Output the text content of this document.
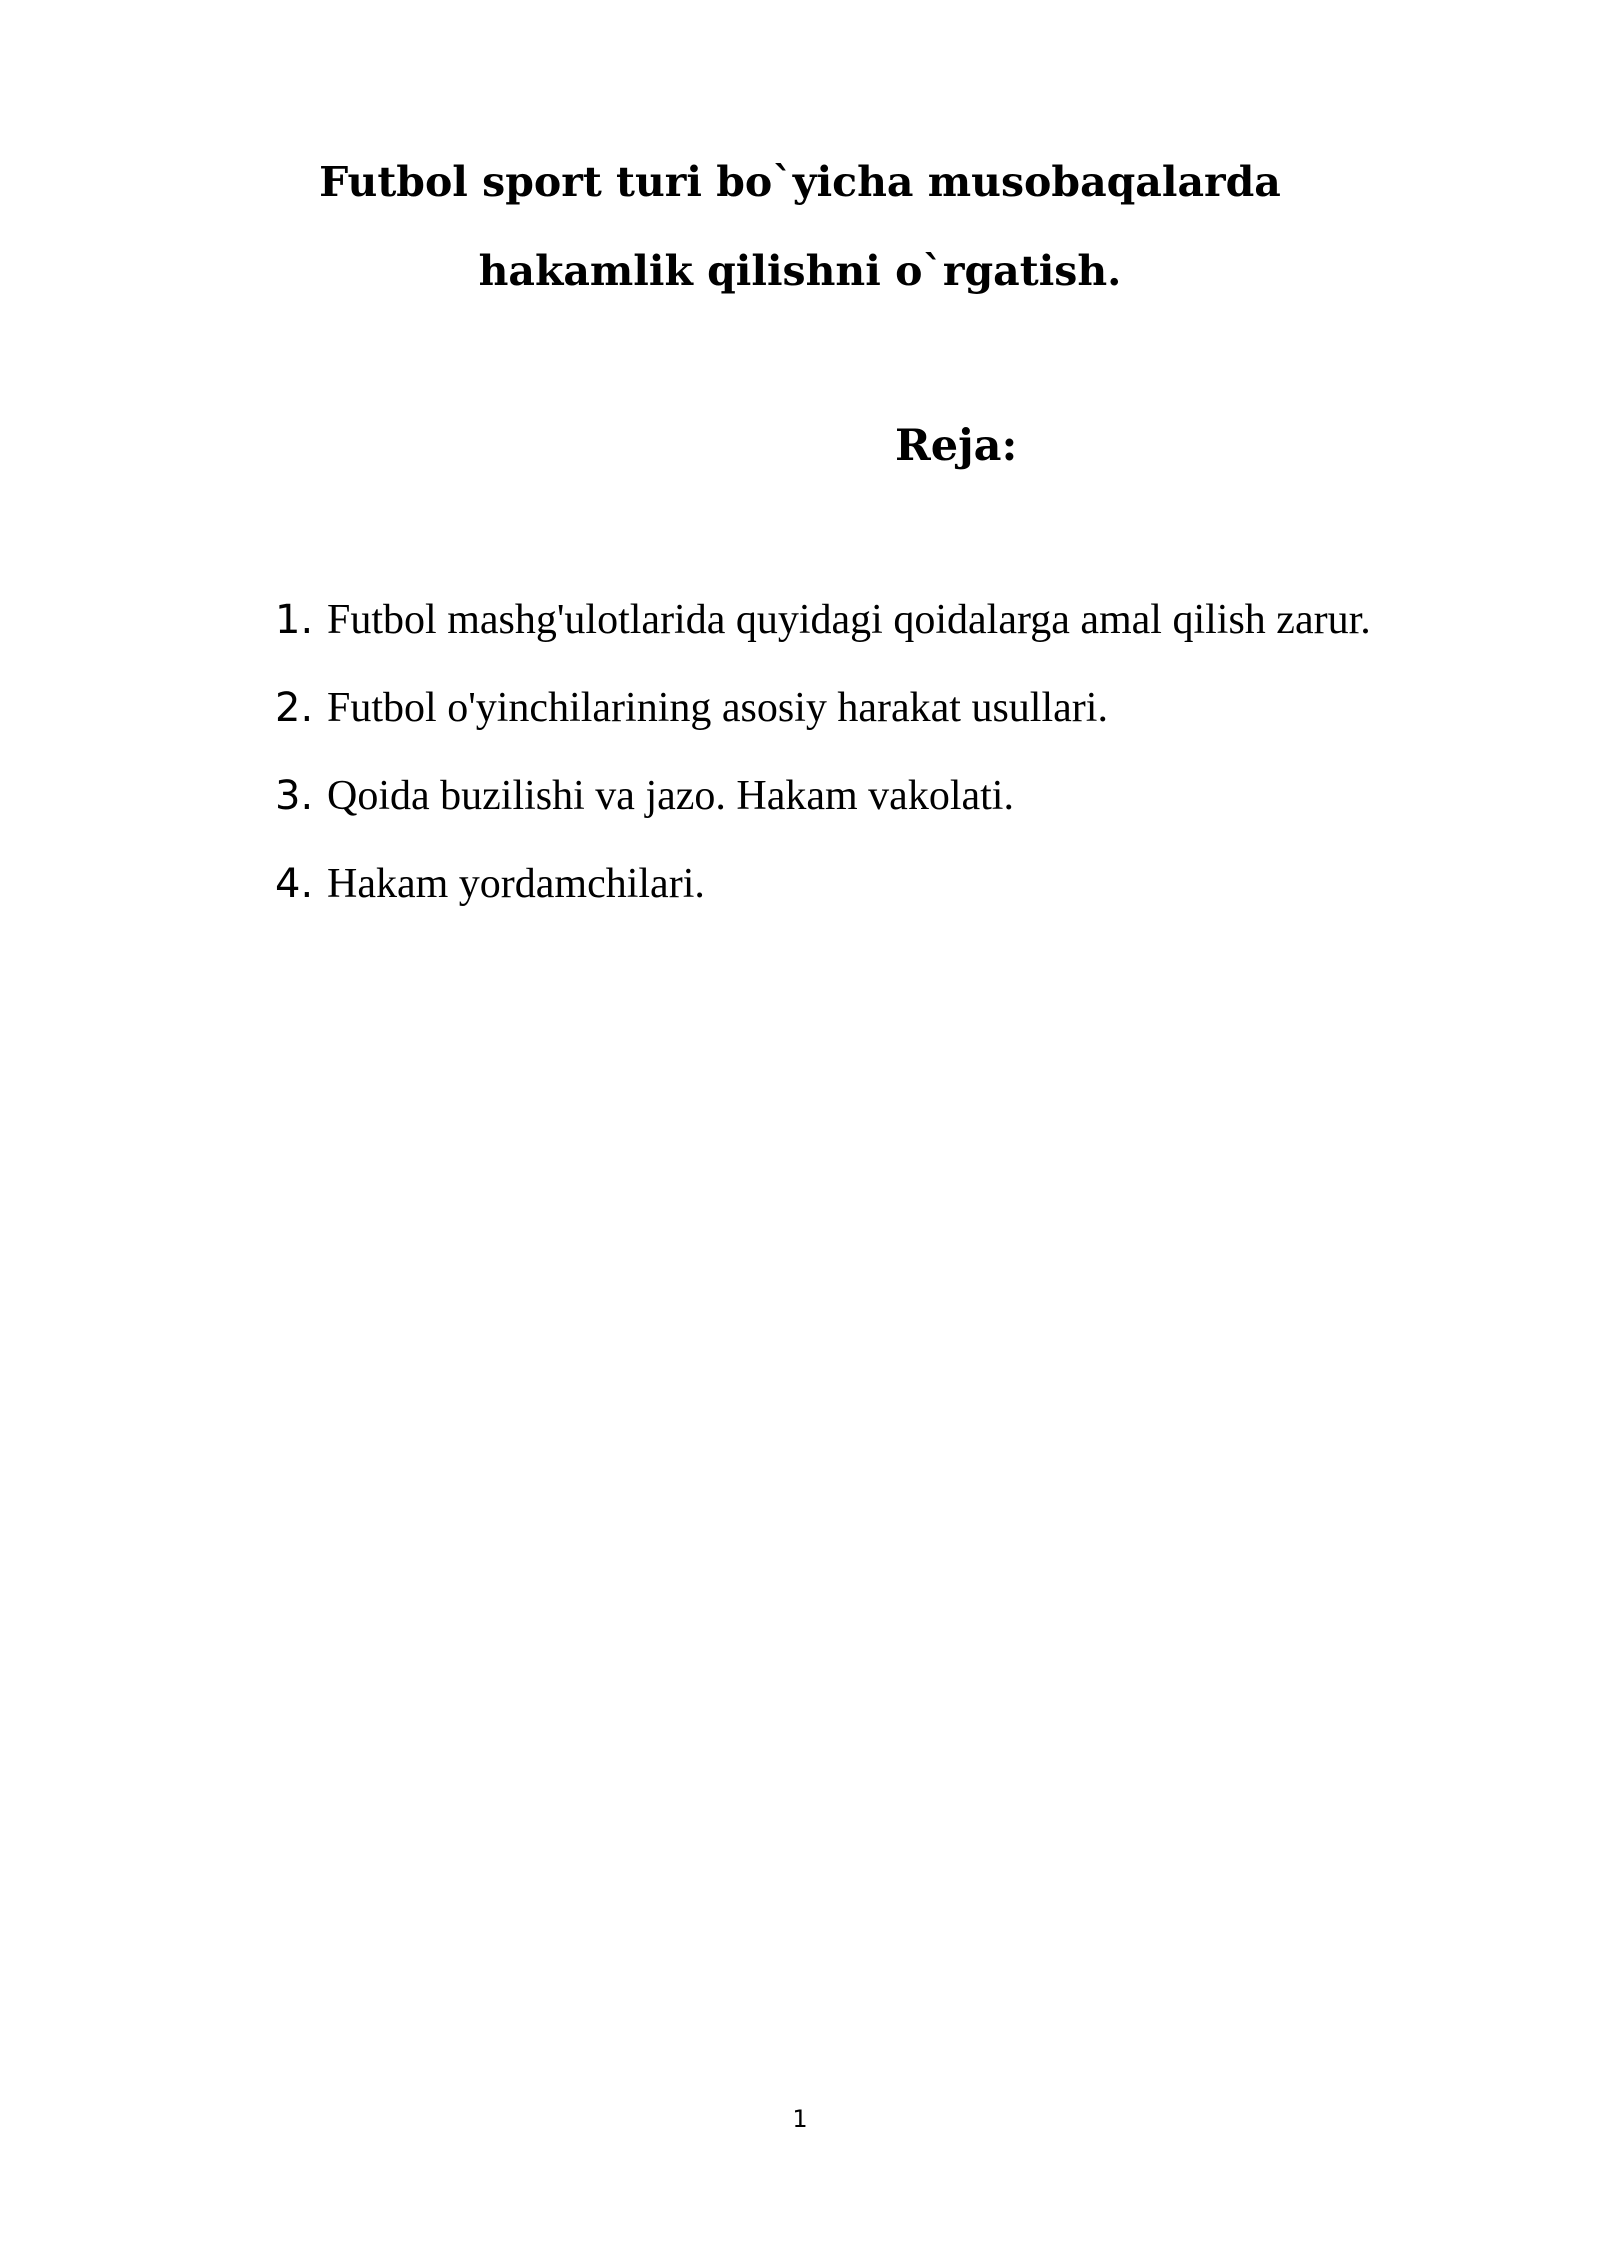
Futbol sport turi bo`yicha musobaqalarda
hakamlik qilishni o`rgatish.
Reja:
1. Futbol mashg'ulotlarida quyidagi qoidalarga amal qilish zarur.
2. Futbol o'yinchilarining asosiy harakat usullari.
3. Qoida buzilishi va jazo. Hakam vakolati.
4. Hakam yordamchilari.
1
